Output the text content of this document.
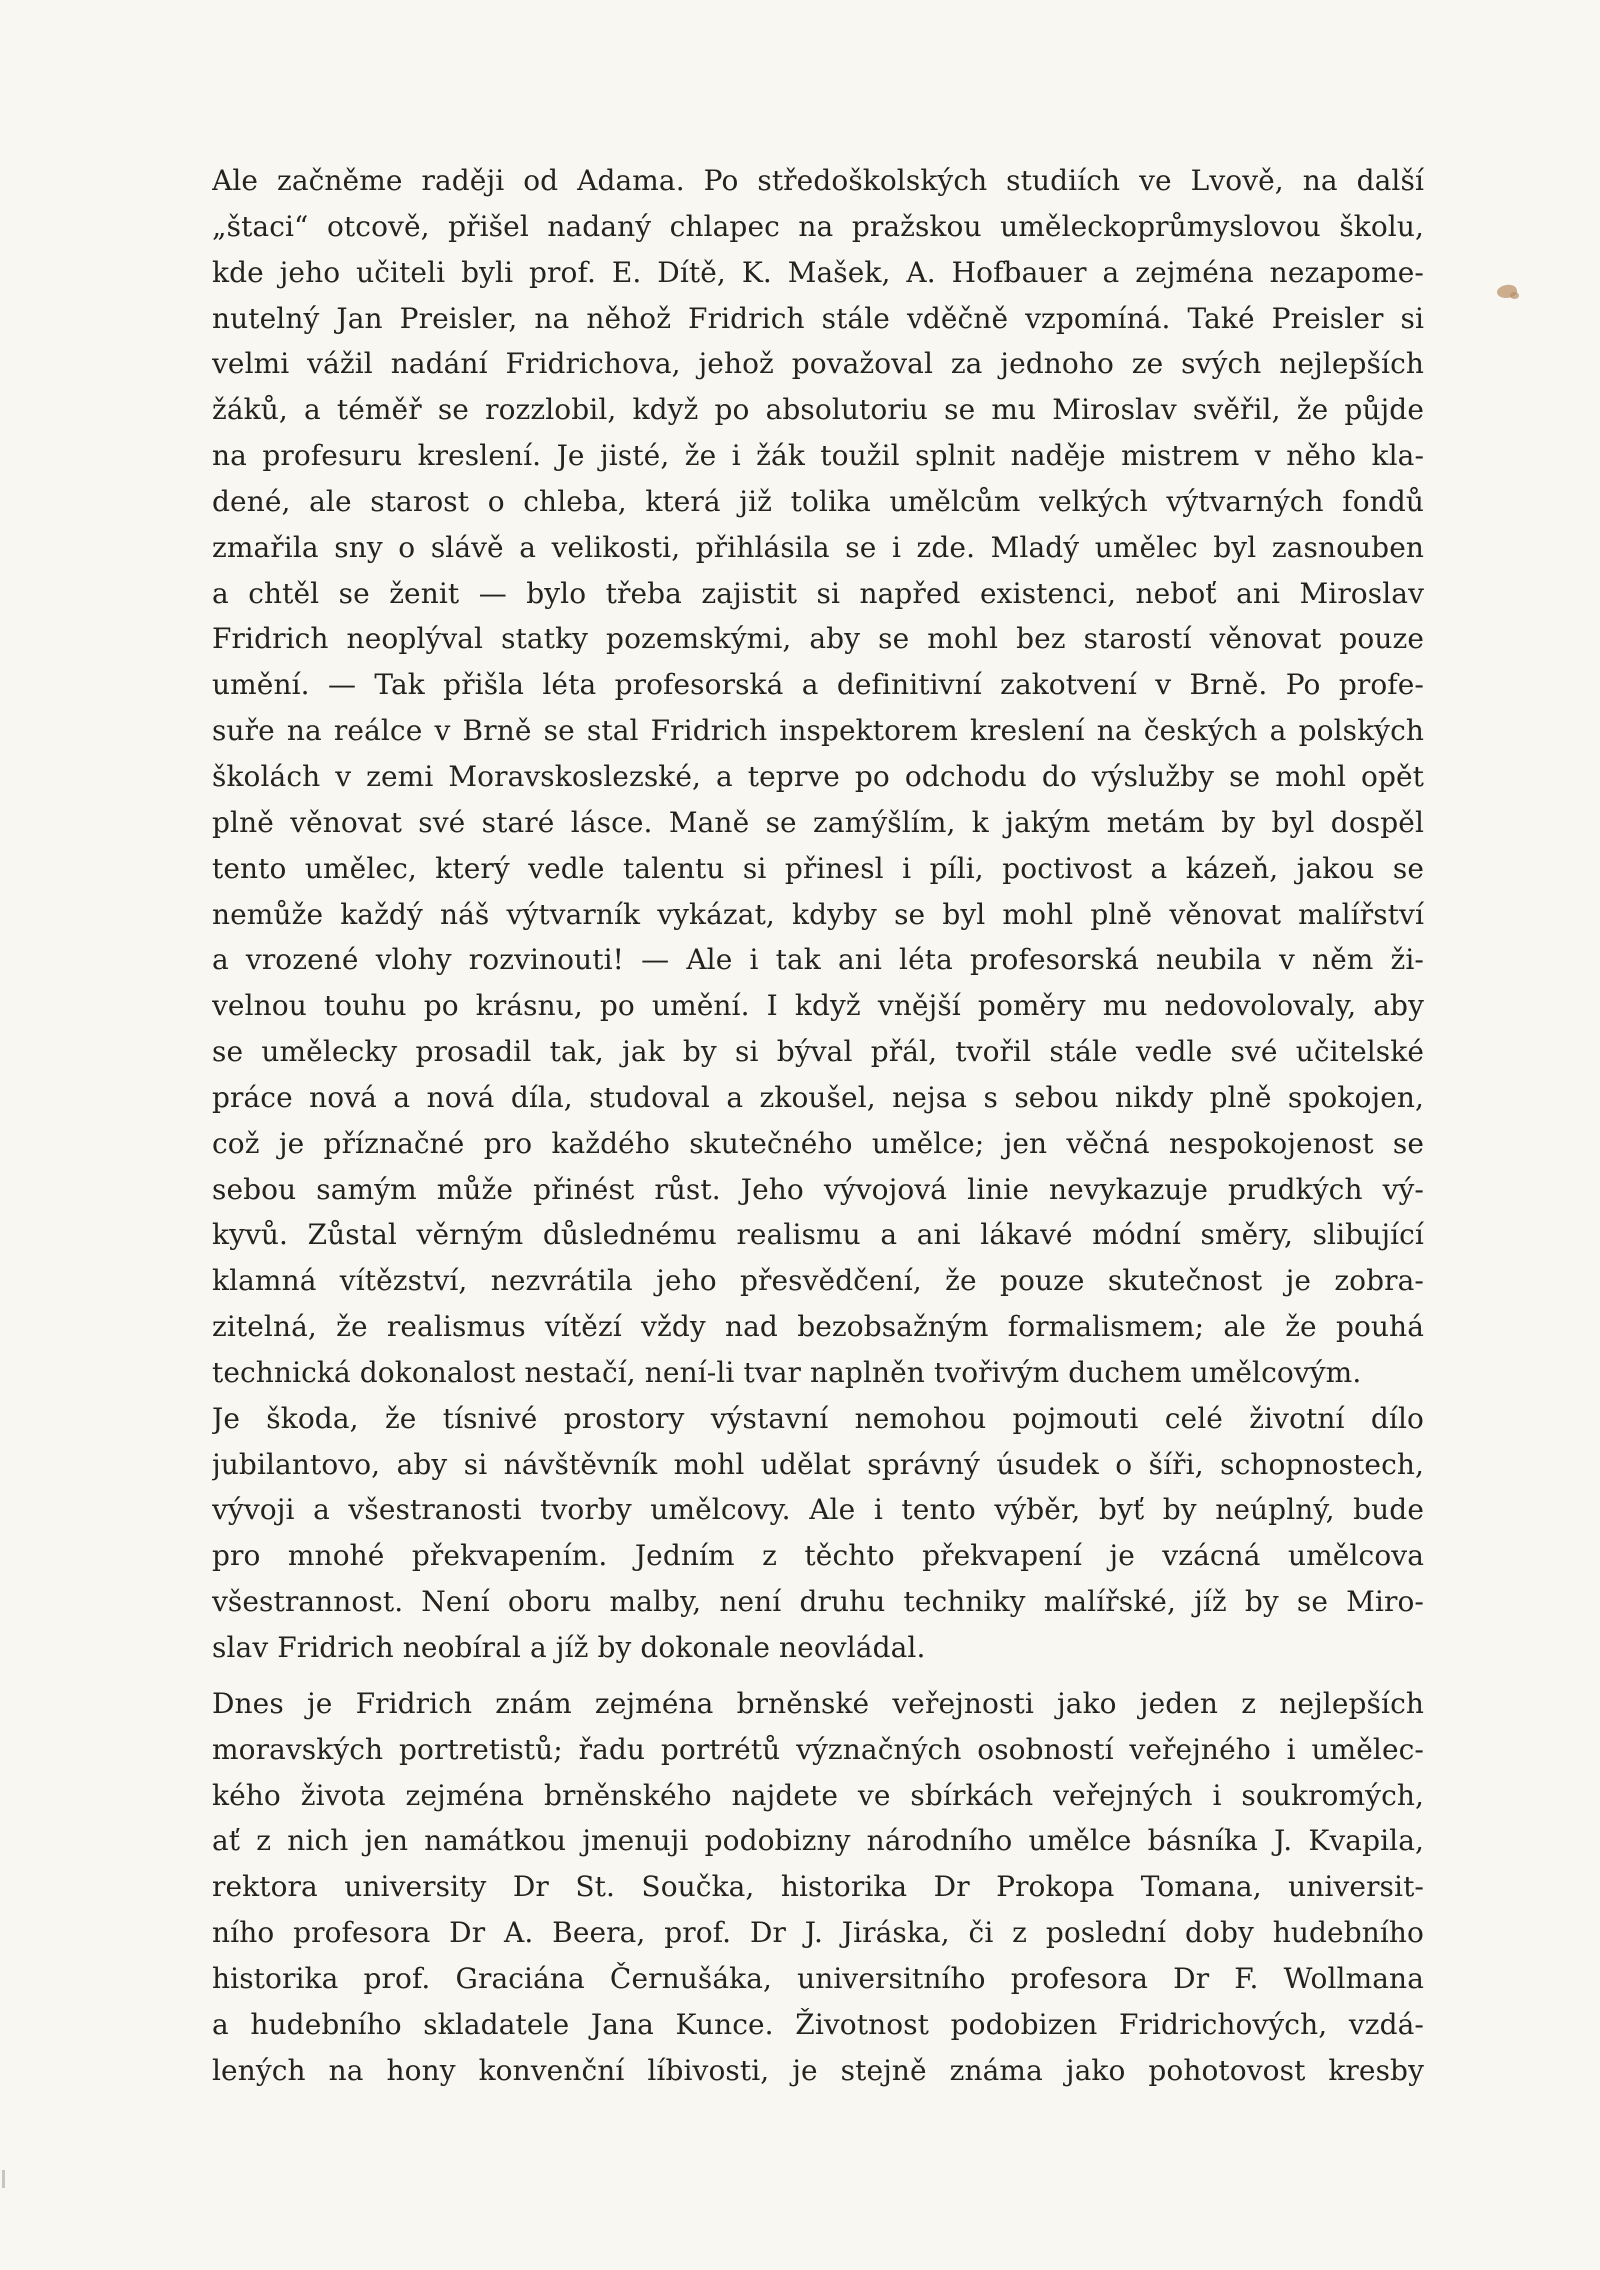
Ale začněme raději od Adama. Po středoškolských studiích ve Lvově, na další
„štaci“ otcově, přišel nadaný chlapec na pražskou uměleckoprůmyslovou školu,
kde jeho učiteli byli prof. E. Dítě, K. Mašek, A. Hofbauer a zejména nezapome-
nutelný Jan Preisler, na něhož Fridrich stále vděčně vzpomíná. Také Preisler si
velmi vážil nadání Fridrichova, jehož považoval za jednoho ze svých nejlepších
žáků, a téměř se rozzlobil, když po absolutoriu se mu Miroslav svěřil, že půjde
na profesuru kreslení. Je jisté, že i žák toužil splnit naděje mistrem v něho kla-
dené, ale starost o chleba, která již tolika umělcům velkých výtvarných fondů
zmařila sny o slávě a velikosti, přihlásila se i zde. Mladý umělec byl zasnouben
a chtěl se ženit — bylo třeba zajistit si napřed existenci, neboť ani Miroslav
Fridrich neoplýval statky pozemskými, aby se mohl bez starostí věnovat pouze
umění. — Tak přišla léta profesorská a definitivní zakotvení v Brně. Po profe-
suře na reálce v Brně se stal Fridrich inspektorem kreslení na českých a polských
školách v zemi Moravskoslezské, a teprve po odchodu do výslužby se mohl opět
plně věnovat své staré lásce. Maně se zamýšlím, k jakým metám by byl dospěl
tento umělec, který vedle talentu si přinesl i píli, poctivost a kázeň, jakou se
nemůže každý náš výtvarník vykázat, kdyby se byl mohl plně věnovat malířství
a vrozené vlohy rozvinouti! — Ale i tak ani léta profesorská neubila v něm ži-
velnou touhu po krásnu, po umění. I když vnější poměry mu nedovolovaly, aby
se umělecky prosadil tak, jak by si býval přál, tvořil stále vedle své učitelské
práce nová a nová díla, studoval a zkoušel, nejsa s sebou nikdy plně spokojen,
což je příznačné pro každého skutečného umělce; jen věčná nespokojenost se
sebou samým může přinést růst. Jeho vývojová linie nevykazuje prudkých vý-
kyvů. Zůstal věrným důslednému realismu a ani lákavé módní směry, slibující
klamná vítězství, nezvrátila jeho přesvědčení, že pouze skutečnost je zobra-
zitelná, že realismus vítězí vždy nad bezobsažným formalismem; ale že pouhá
technická dokonalost nestačí, není-li tvar naplněn tvořivým duchem umělcovým.
Je škoda, že tísnivé prostory výstavní nemohou pojmouti celé životní dílo
jubilantovo, aby si návštěvník mohl udělat správný úsudek o šíři, schopnostech,
vývoji a všestranosti tvorby umělcovy. Ale i tento výběr, byť by neúplný, bude
pro mnohé překvapením. Jedním z těchto překvapení je vzácná umělcova
všestrannost. Není oboru malby, není druhu techniky malířské, jíž by se Miro-
slav Fridrich neobíral a jíž by dokonale neovládal.
Dnes je Fridrich znám zejména brněnské veřejnosti jako jeden z nejlepších
moravských portretistů; řadu portrétů význačných osobností veřejného i umělec-
kého života zejména brněnského najdete ve sbírkách veřejných i soukromých,
ať z nich jen namátkou jmenuji podobizny národního umělce básníka J. Kvapila,
rektora university Dr St. Součka, historika Dr Prokopa Tomana, universit-
ního profesora Dr A. Beera, prof. Dr J. Jiráska, či z poslední doby hudebního
historika prof. Graciána Černušáka, universitního profesora Dr F. Wollmana
a hudebního skladatele Jana Kunce. Životnost podobizen Fridrichových, vzdá-
lených na hony konvenční líbivosti, je stejně známa jako pohotovost kresby
